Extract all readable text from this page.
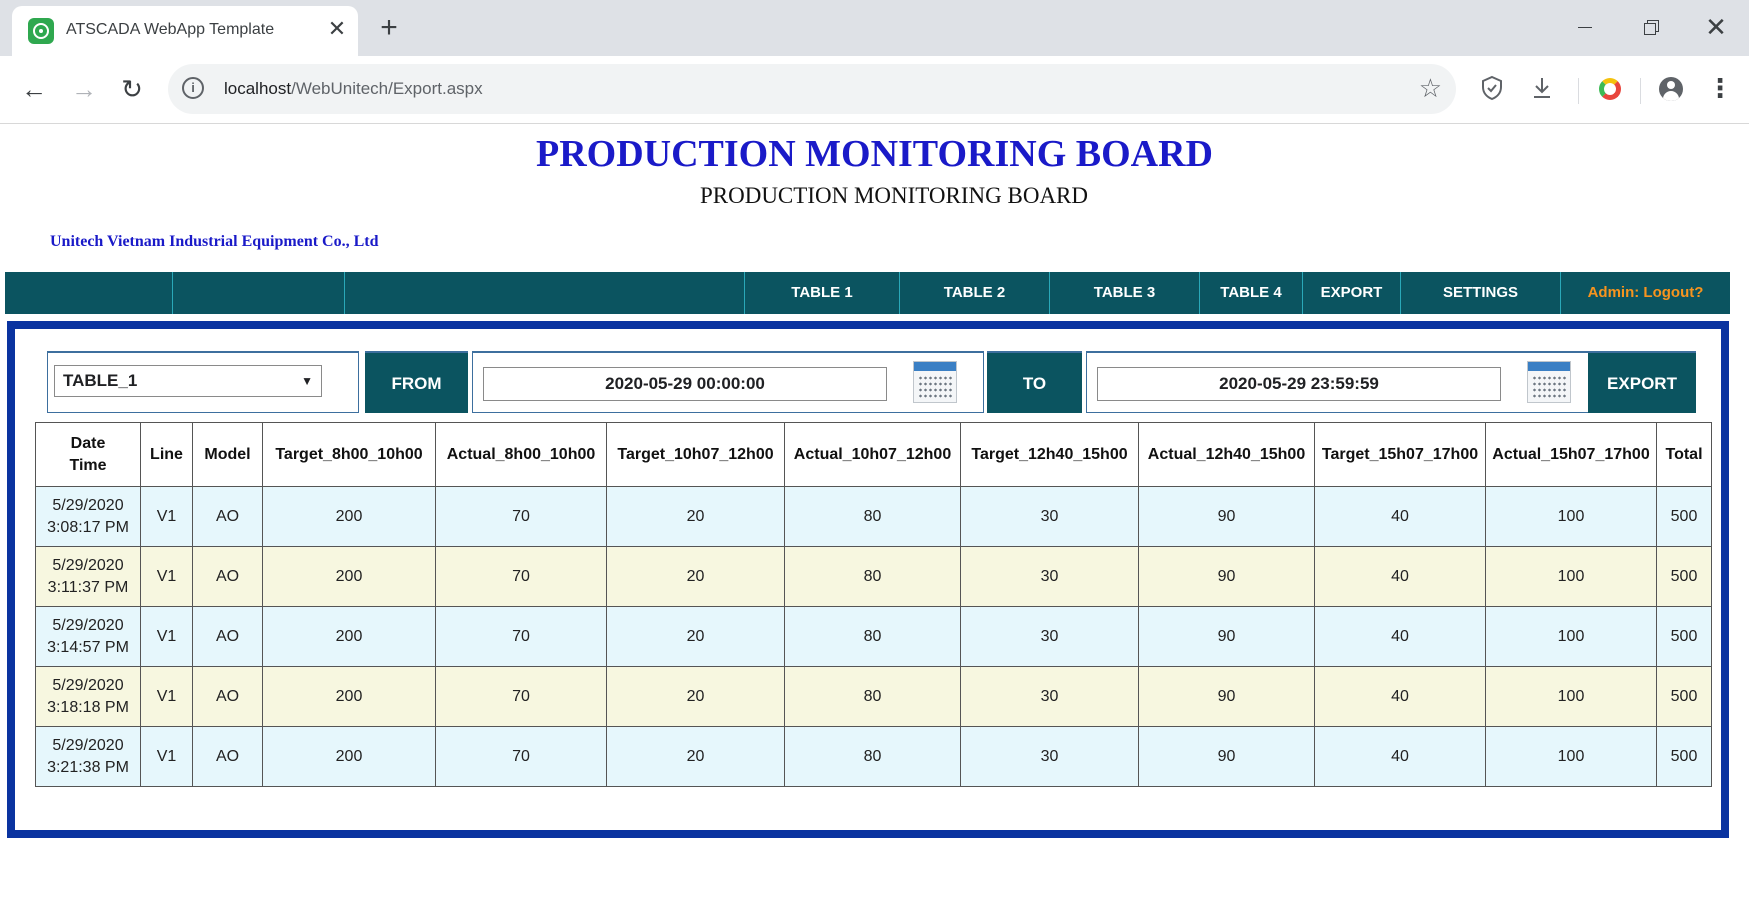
ATSCADA WebApp Template ✕ +	✕
← → ↻	i	localhost/WebUnitech/Export.aspx	☆	⋮
PRODUCTION MONITORING BOARD
PRODUCTION MONITORING BOARD
Unitech Vietnam Industrial Equipment Co., Ltd
TABLE 1	TABLE 2	TABLE 3	TABLE 4	EXPORT	SETTINGS	Admin: Logout?
TABLE_1	▼	FROM	2020-05-29 00:00:00	TO	2020-05-29 23:59:59	EXPORT
Date Time	Line	Model	Target_8h00_10h00	Actual_8h00_10h00	Target_10h07_12h00	Actual_10h07_12h00	Target_12h40_15h00	Actual_12h40_15h00	Target_15h07_17h00	Actual_15h07_17h00	Total
5/29/2020
3:08:17 PM	V1	AO	200	70	20	80	30	90	40	100	500
5/29/2020
3:11:37 PM	V1	AO	200	70	20	80	30	90	40	100	500
5/29/2020
3:14:57 PM	V1	AO	200	70	20	80	30	90	40	100	500
5/29/2020
3:18:18 PM	V1	AO	200	70	20	80	30	90	40	100	500
5/29/2020
3:21:38 PM	V1	AO	200	70	20	80	30	90	40	100	500
